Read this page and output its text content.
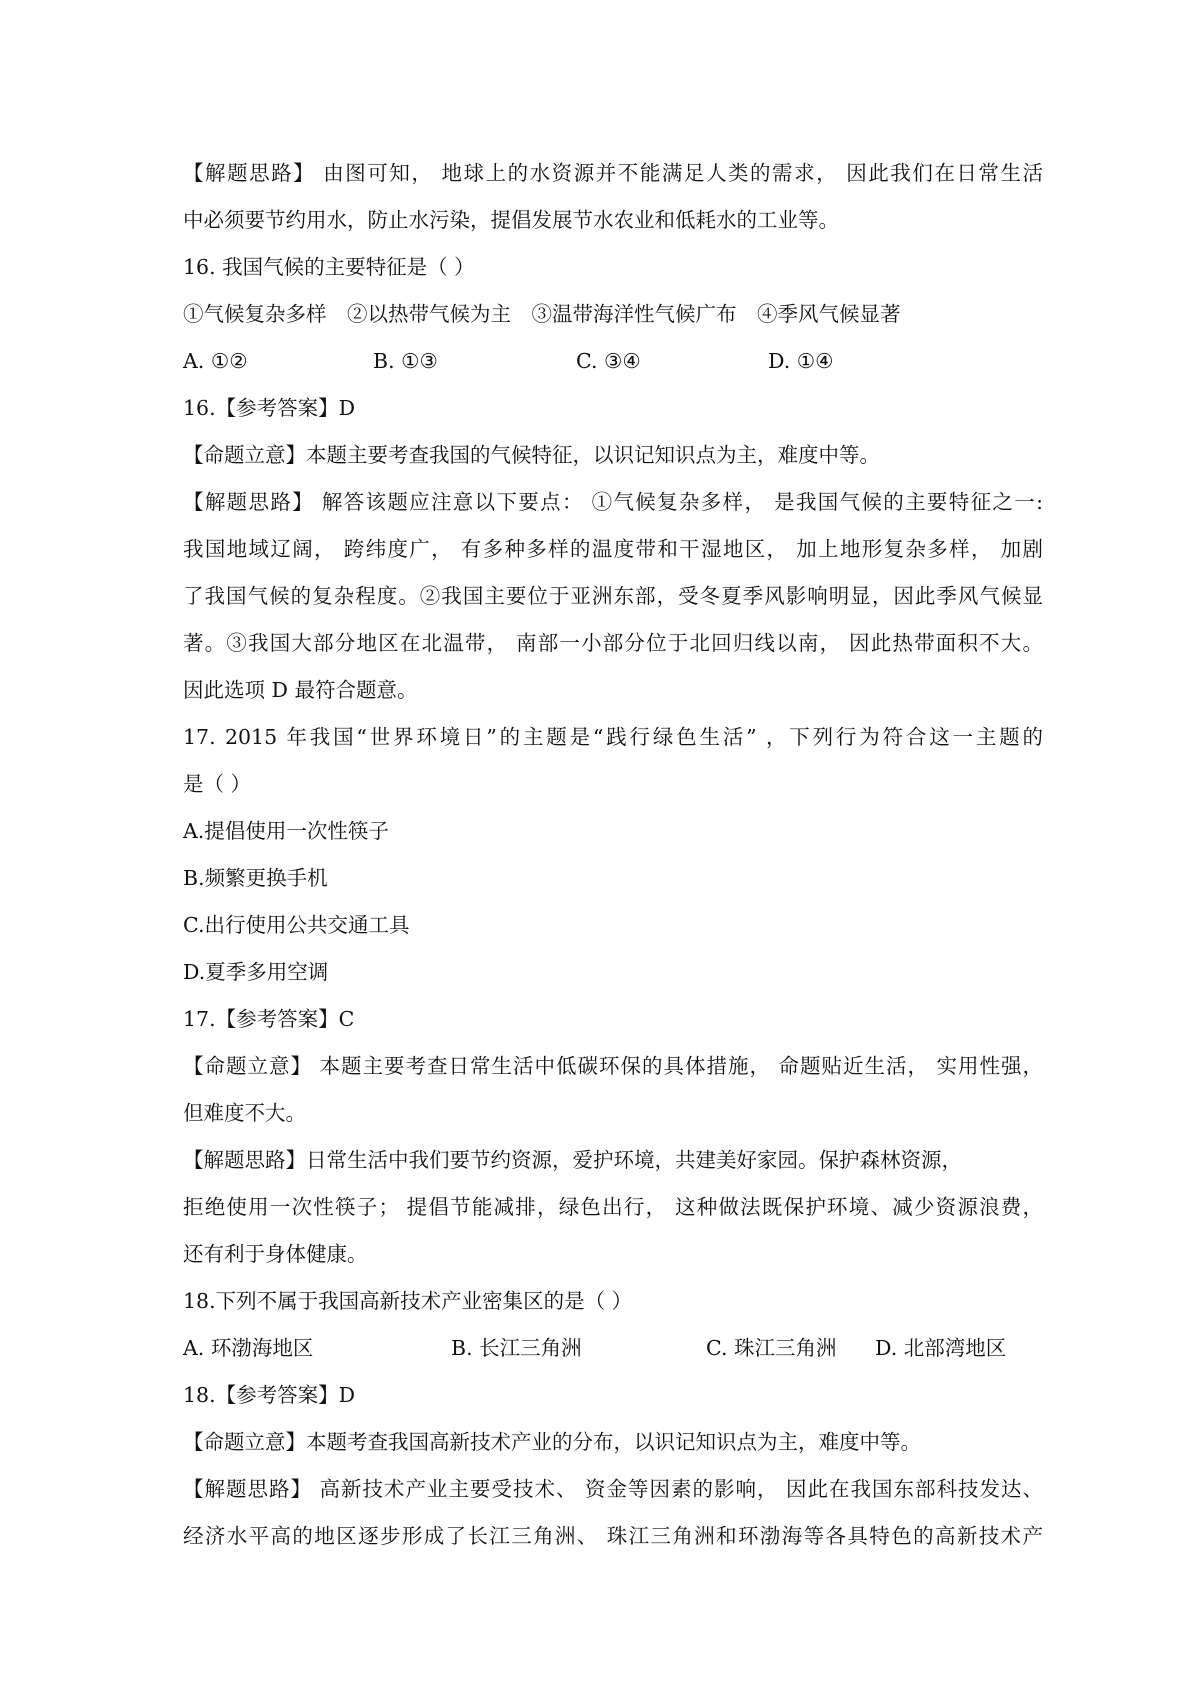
【解题思路】 由图可知， 地球上的水资源并不能满足人类的需求， 因此我们在日常生活
中必须要节约用水，防止水污染，提倡发展节水农业和低耗水的工业等。
16. 我国气候的主要特征是（ ）
①气候复杂多样　②以热带气候为主　③温带海洋性气候广布　④季风气候显著
A. ①②	B. ①③	C. ③④	D. ①④
16.【参考答案】D
【命题立意】本题主要考查我国的气候特征，以识记知识点为主，难度中等。
【解题思路】 解答该题应注意以下要点： ①气候复杂多样， 是我国气候的主要特征之一:
我国地域辽阔， 跨纬度广， 有多种多样的温度带和干湿地区， 加上地形复杂多样， 加剧
了我国气候的复杂程度。②我国主要位于亚洲东部，受冬夏季风影响明显，因此季风气候显
著。③我国大部分地区在北温带， 南部一小部分位于北回归线以南， 因此热带面积不大。
因此选项 D 最符合题意。
17. 2015 年我国“世界环境日”的主题是“践行绿色生活” ，下列行为符合这一主题的
是（ ）
A.提倡使用一次性筷子
B.频繁更换手机
C.出行使用公共交通工具
D.夏季多用空调
17.【参考答案】C
【命题立意】 本题主要考查日常生活中低碳环保的具体措施， 命题贴近生活， 实用性强，
但难度不大。
【解题思路】日常生活中我们要节约资源，爱护环境，共建美好家园。保护森林资源，
拒绝使用一次性筷子； 提倡节能减排，绿色出行， 这种做法既保护环境、减少资源浪费，
还有利于身体健康。
18.下列不属于我国高新技术产业密集区的是（ ）
A. 环渤海地区	B. 长江三角洲	C. 珠江三角洲 D. 北部湾地区
18.【参考答案】D
【命题立意】本题考查我国高新技术产业的分布，以识记知识点为主，难度中等。
【解题思路】 高新技术产业主要受技术、 资金等因素的影响， 因此在我国东部科技发达、
经济水平高的地区逐步形成了长江三角洲、 珠江三角洲和环渤海等各具特色的高新技术产
